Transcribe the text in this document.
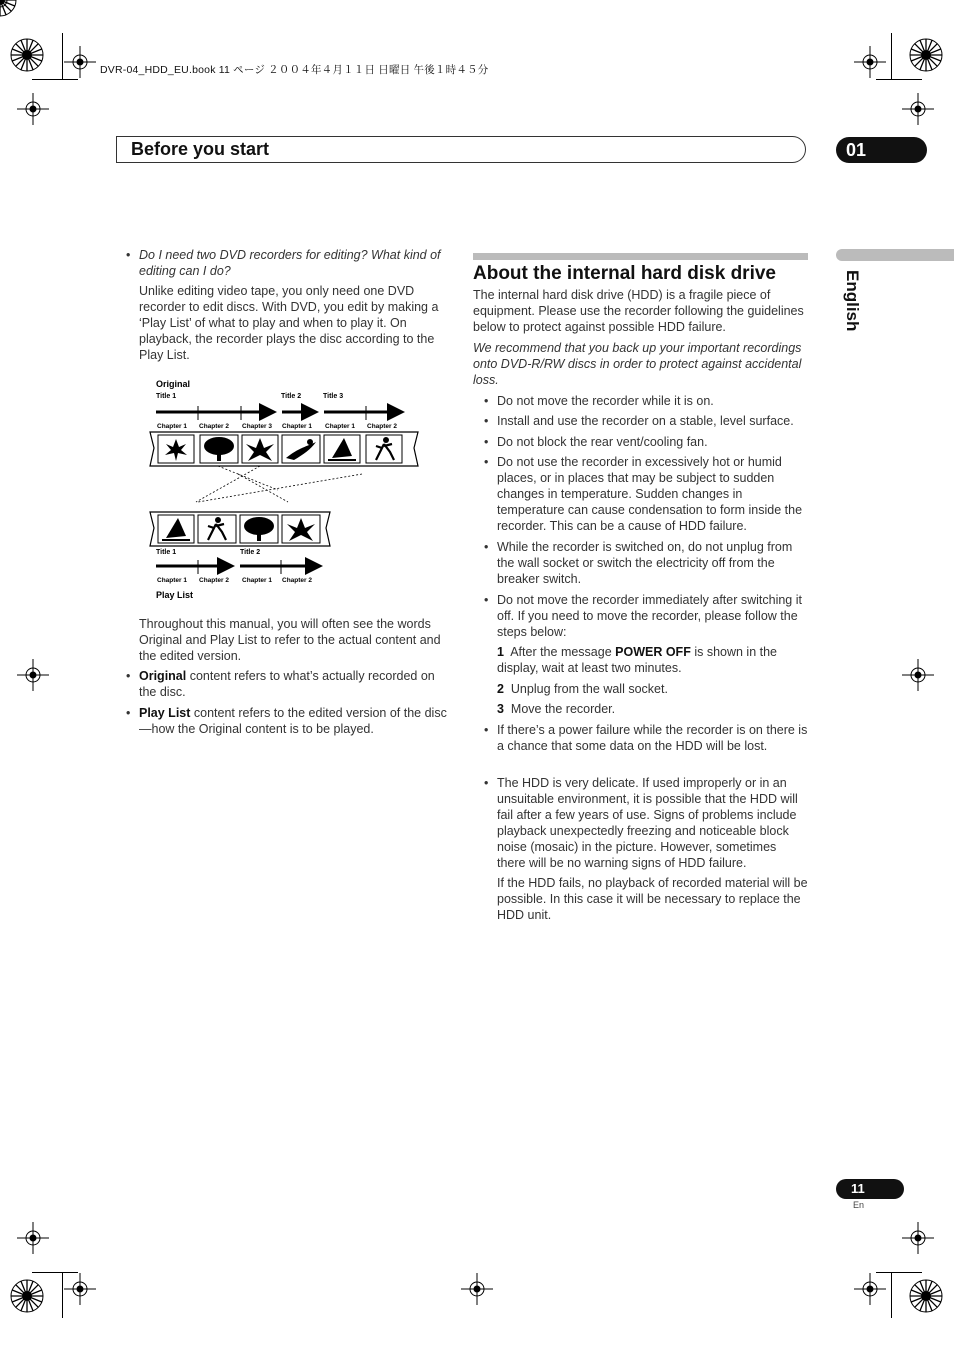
DVR-04_HDD_EU.book 11 ページ ２００４年４月１１日 日曜日 午後１時４５分
Before you start	01
English
• Do I need two DVD recorders for editing? What kind of editing can I do?

Unlike editing video tape, you only need one DVD recorder to edit discs. With DVD, you edit by making a ‘Play List’ of what to play and when to play it. On playback, the recorder plays the disc according to the Play List.

Original
Title 1	Title 2	Title 3
Chapter 1 Chapter 2 Chapter 3 Chapter 1 Chapter 1 Chapter 2
Title 1	Title 2
Chapter 1 Chapter 2 Chapter 1 Chapter 2
Play List
Throughout this manual, you will often see the words Original and Play List to refer to the actual content and the edited version.
• Original content refers to what’s actually recorded on the disc.

• Play List content refers to the edited version of the disc—how the Original content is to be played.

About the internal hard disk drive
The internal hard disk drive (HDD) is a fragile piece of equipment. Please use the recorder following the guidelines below to protect against possible HDD failure.
We recommend that you back up your important recordings onto DVD-R/RW discs in order to protect against accidental loss.
• Do not move the recorder while it is on.

• Install and use the recorder on a stable, level surface.

• Do not block the rear vent/cooling fan.

• Do not use the recorder in excessively hot or humid places, or in places that may be subject to sudden changes in temperature. Sudden changes in temperature can cause condensation to form inside the recorder. This can be a cause of HDD failure.

• While the recorder is switched on, do not unplug from the wall socket or switch the electricity off from the breaker switch.

• Do not move the recorder immediately after switching it off. If you need to move the recorder, please follow the steps below:

1 After the message POWER OFF is shown in the display, wait at least two minutes.
2 Unplug from the wall socket.
3 Move the recorder.
• If there’s a power failure while the recorder is on there is a chance that some data on the HDD will be lost.

• The HDD is very delicate. If used improperly or in an unsuitable environment, it is possible that the HDD will fail after a few years of use. Signs of problems include playback unexpectedly freezing and noticeable block noise (mosaic) in the picture. However, sometimes there will be no warning signs of HDD failure.

If the HDD fails, no playback of recorded material will be possible. In this case it will be necessary to replace the HDD unit.

11
En
